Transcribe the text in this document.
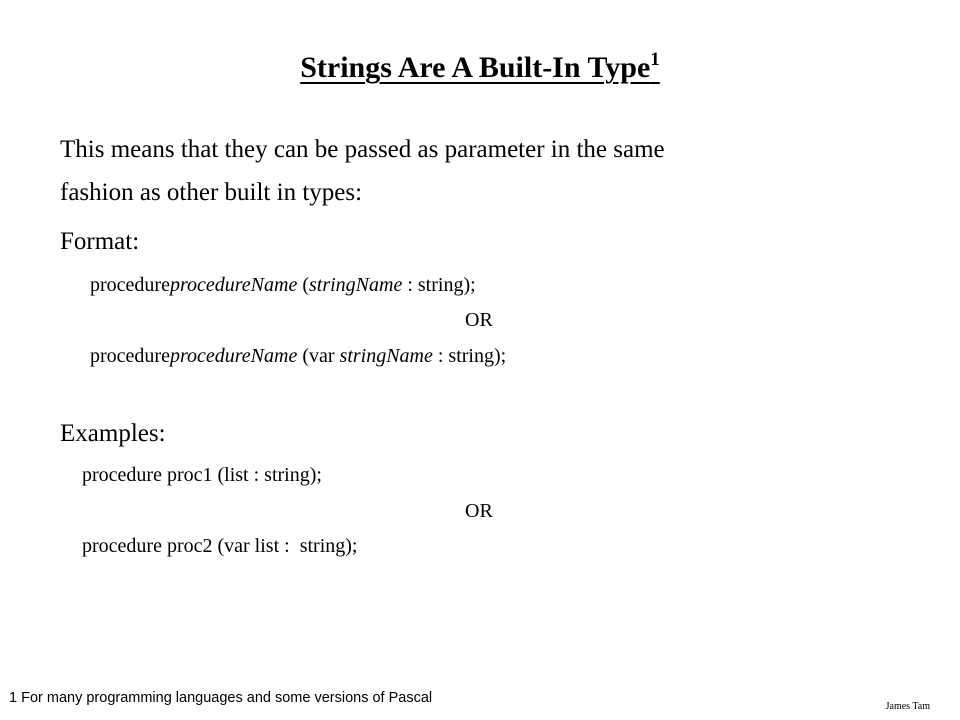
Strings Are A Built-In Type$^1$
This means that they can be passed as parameter in the same
fashion as other built in types:
Format:
procedureprocedureName (stringName : string);
OR
procedureprocedureName (var stringName : string);
Examples:
procedure proc1 (list : string);
OR
procedure proc2 (var list :  string);
1 For many programming languages and some versions of Pascal
James Tam
